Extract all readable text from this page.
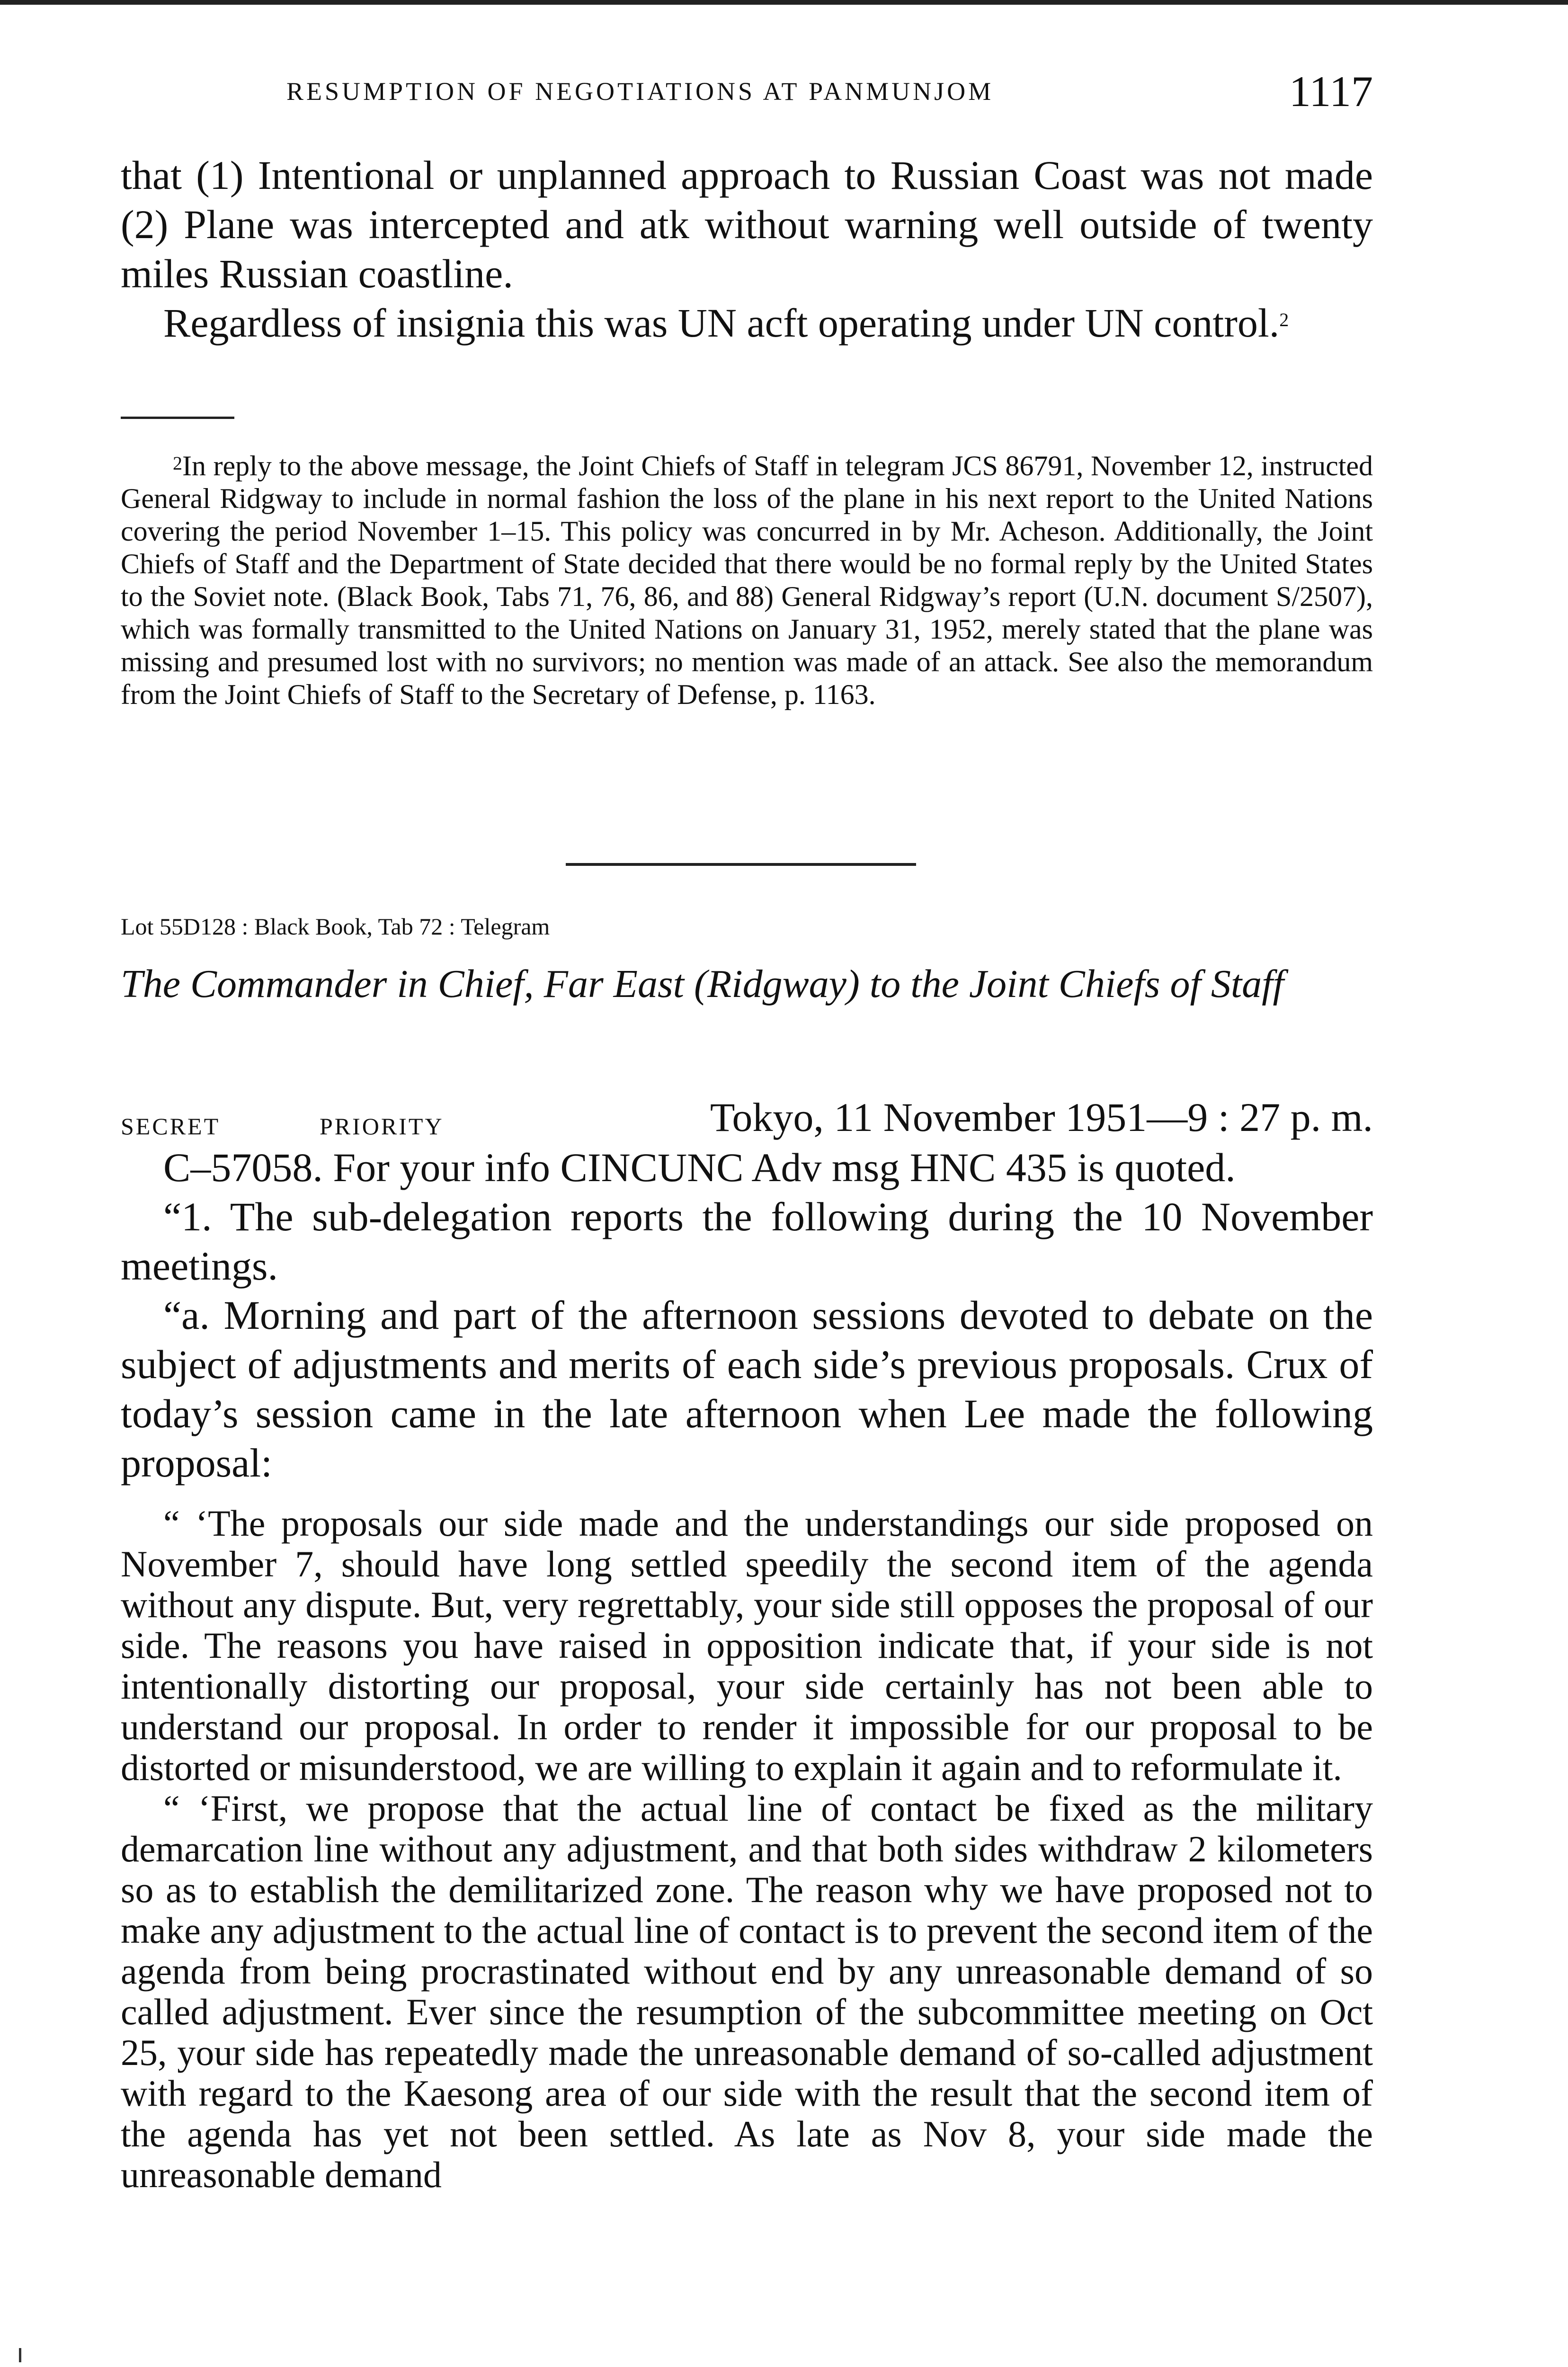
RESUMPTION OF NEGOTIATIONS AT PANMUNJOM	1117

that (1) Intentional or unplanned approach to Russian Coast was not made (2) Plane was intercepted and atk without warning well outside of twenty miles Russian coastline.

Regardless of insignia this was UN acft operating under UN control.$^2$

$^2$In reply to the above message, the Joint Chiefs of Staff in telegram JCS 86791, November 12, instructed General Ridgway to include in normal fashion the loss of the plane in his next report to the United Nations covering the period November 1–15. This policy was concurred in by Mr. Acheson. Additionally, the Joint Chiefs of Staff and the Department of State decided that there would be no formal reply by the United States to the Soviet note. (Black Book, Tabs 71, 76, 86, and 88) General Ridgway’s report (U.N. document S/2507), which was formally transmitted to the United Nations on January 31, 1952, merely stated that the plane was missing and presumed lost with no survivors; no mention was made of an attack. See also the memorandum from the Joint Chiefs of Staff to the Secretary of Defense, p. 1163.

Lot 55D128 : Black Book, Tab 72 : Telegram

The Commander in Chief, Far East (Ridgway) to the Joint Chiefs of Staff

SECRET	PRIORITY	Tokyo, 11 November 1951—9 : 27 p. m.

C–57058. For your info CINCUNC Adv msg HNC 435 is quoted.

“1. The sub-delegation reports the following during the 10 November meetings.

“a. Morning and part of the afternoon sessions devoted to debate on the subject of adjustments and merits of each side’s previous proposals. Crux of today’s session came in the late afternoon when Lee made the following proposal:

“ ‘The proposals our side made and the understandings our side proposed on November 7, should have long settled speedily the second item of the agenda without any dispute. But, very regrettably, your side still opposes the proposal of our side. The reasons you have raised in opposition indicate that, if your side is not intentionally distorting our proposal, your side certainly has not been able to understand our proposal. In order to render it impossible for our proposal to be distorted or misunderstood, we are willing to explain it again and to reformulate it.

“ ‘First, we propose that the actual line of contact be fixed as the military demarcation line without any adjustment, and that both sides withdraw 2 kilometers so as to establish the demilitarized zone. The reason why we have proposed not to make any adjustment to the actual line of contact is to prevent the second item of the agenda from being procrastinated without end by any unreasonable demand of so called adjustment. Ever since the resumption of the subcommittee meeting on Oct 25, your side has repeatedly made the unreasonable demand of so-called adjustment with regard to the Kaesong area of our side with the result that the second item of the agenda has yet not been settled. As late as Nov 8, your side made the unreasonable demand
